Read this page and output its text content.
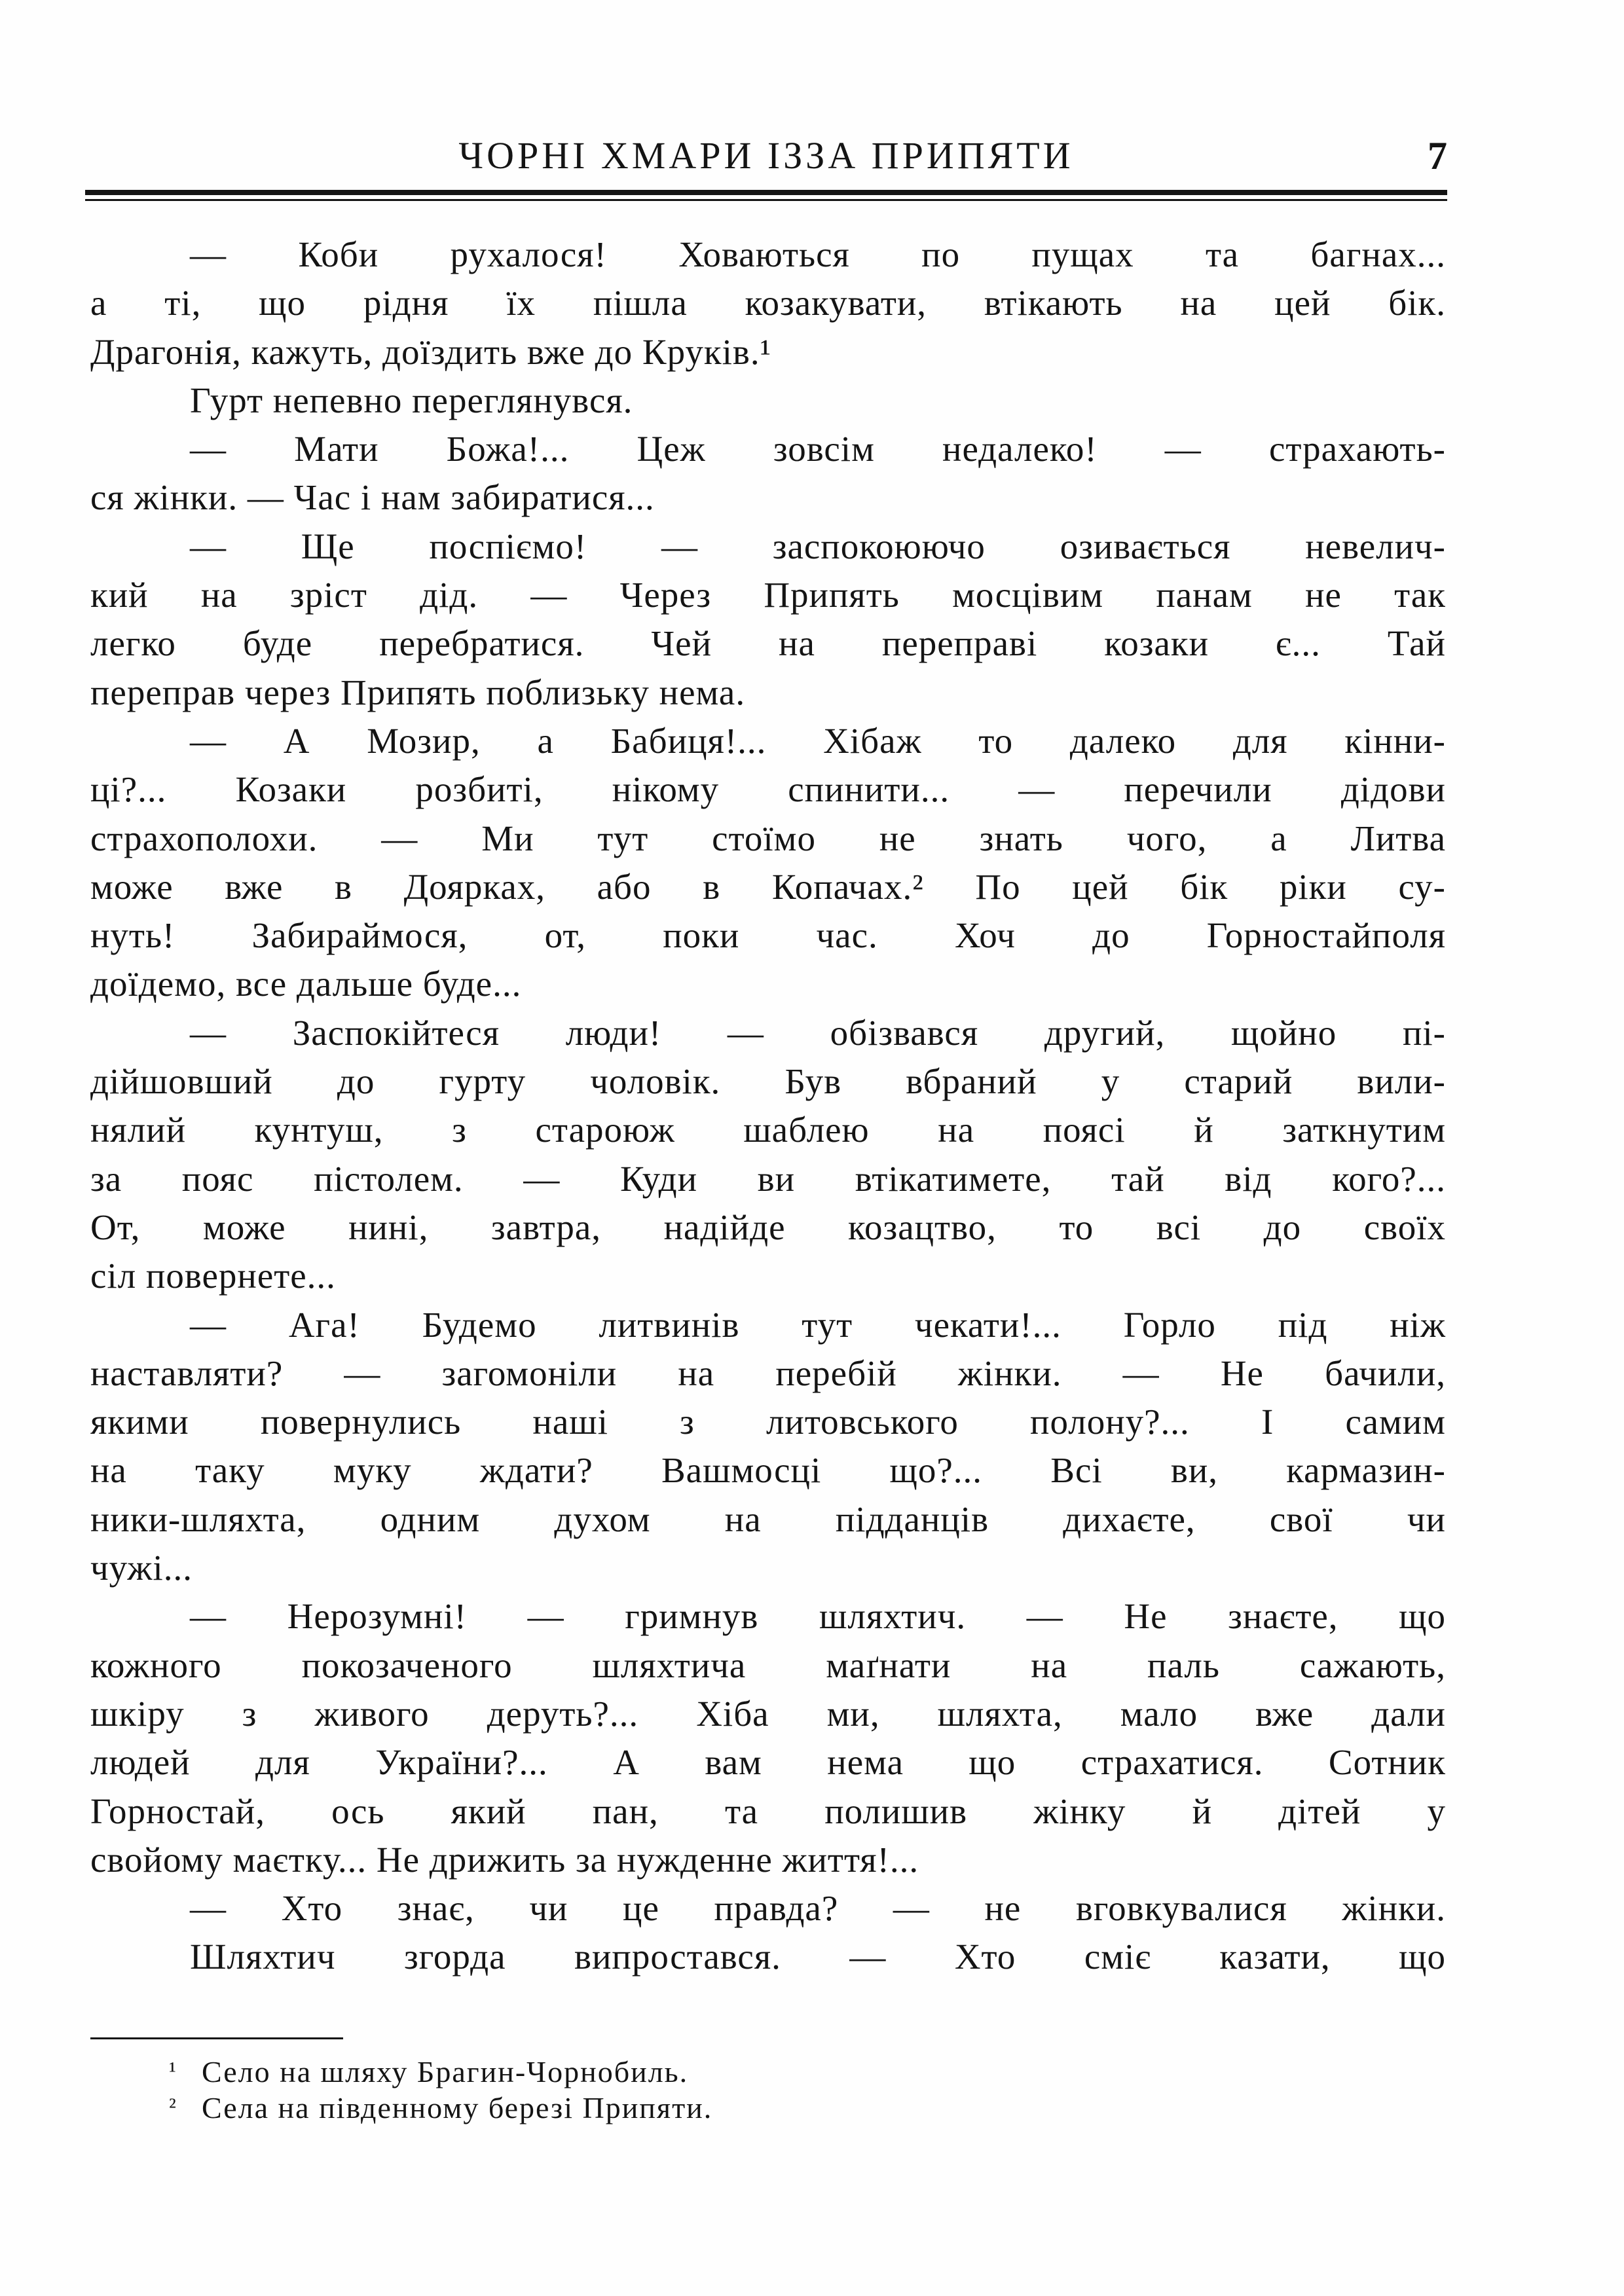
ЧОРНІ ХМАРИ ІЗЗА ПРИПЯТИ	7
— Коби рухалося! Ховаються по пущах та багнах...
а ті, що рідня їх пішла козакувати, втікають на цей бік.
Драгонія, кажуть, доїздить вже до Круків.¹
Гурт непевно переглянувся.
— Мати Божа!... Цеж зовсім недалеко! — страхають-
ся жінки. — Час і нам забиратися...
— Ще поспіємо! — заспокоюючо озивається невелич-
кий на зріст дід. — Через Припять мосцівим панам не так
легко буде перебратися. Чей на переправі козаки є... Тай
переправ через Припять поблизьку нема.
— А Мозир, а Бабиця!... Хібаж то далеко для кінни-
ці?... Козаки розбиті, нікому спинити... — перечили дідови
страхополохи. — Ми тут стоїмо не знать чого, а Литва
може вже в Доярках, або в Копачах.² По цей бік ріки су-
нуть! Забираймося, от, поки час. Хоч до Горностайполя
доїдемо, все дальше буде...
— Заспокійтеся люди! — обізвався другий, щойно пі-
дійшовший до гурту чоловік. Був вбраний у старий вили-
нялий кунтуш, з староюж шаблею на поясі й заткнутим
за пояс пістолем. — Куди ви втікатимете, тай від кого?...
От, може нині, завтра, надійде козацтво, то всі до своїх
сіл повернете...
— Ага! Будемо литвинів тут чекати!... Горло під ніж
наставляти? — загомоніли на перебій жінки. — Не бачили,
якими повернулись наші з литовського полону?... І самим
на таку муку ждати? Вашмосці що?... Всі ви, кармазин-
ники-шляхта, одним духом на підданців дихаєте, свої чи
чужі...
— Нерозумні! — гримнув шляхтич. — Не знаєте, що
кожного покозаченого шляхтича маґнати на паль сажають,
шкіру з живого деруть?... Хіба ми, шляхта, мало вже дали
людей для України?... А вам нема що страхатися. Сотник
Горностай, ось який пан, та полишив жінку й дітей у
свойому маєтку... Не дрижить за нужденне життя!...
— Хто знає, чи це правда? — не вговкувалися жінки.
Шляхтич згорда випростався. — Хто сміє казати, що
¹ Село на шляху Брагин-Чорнобиль.
² Села на південному березі Припяти.
